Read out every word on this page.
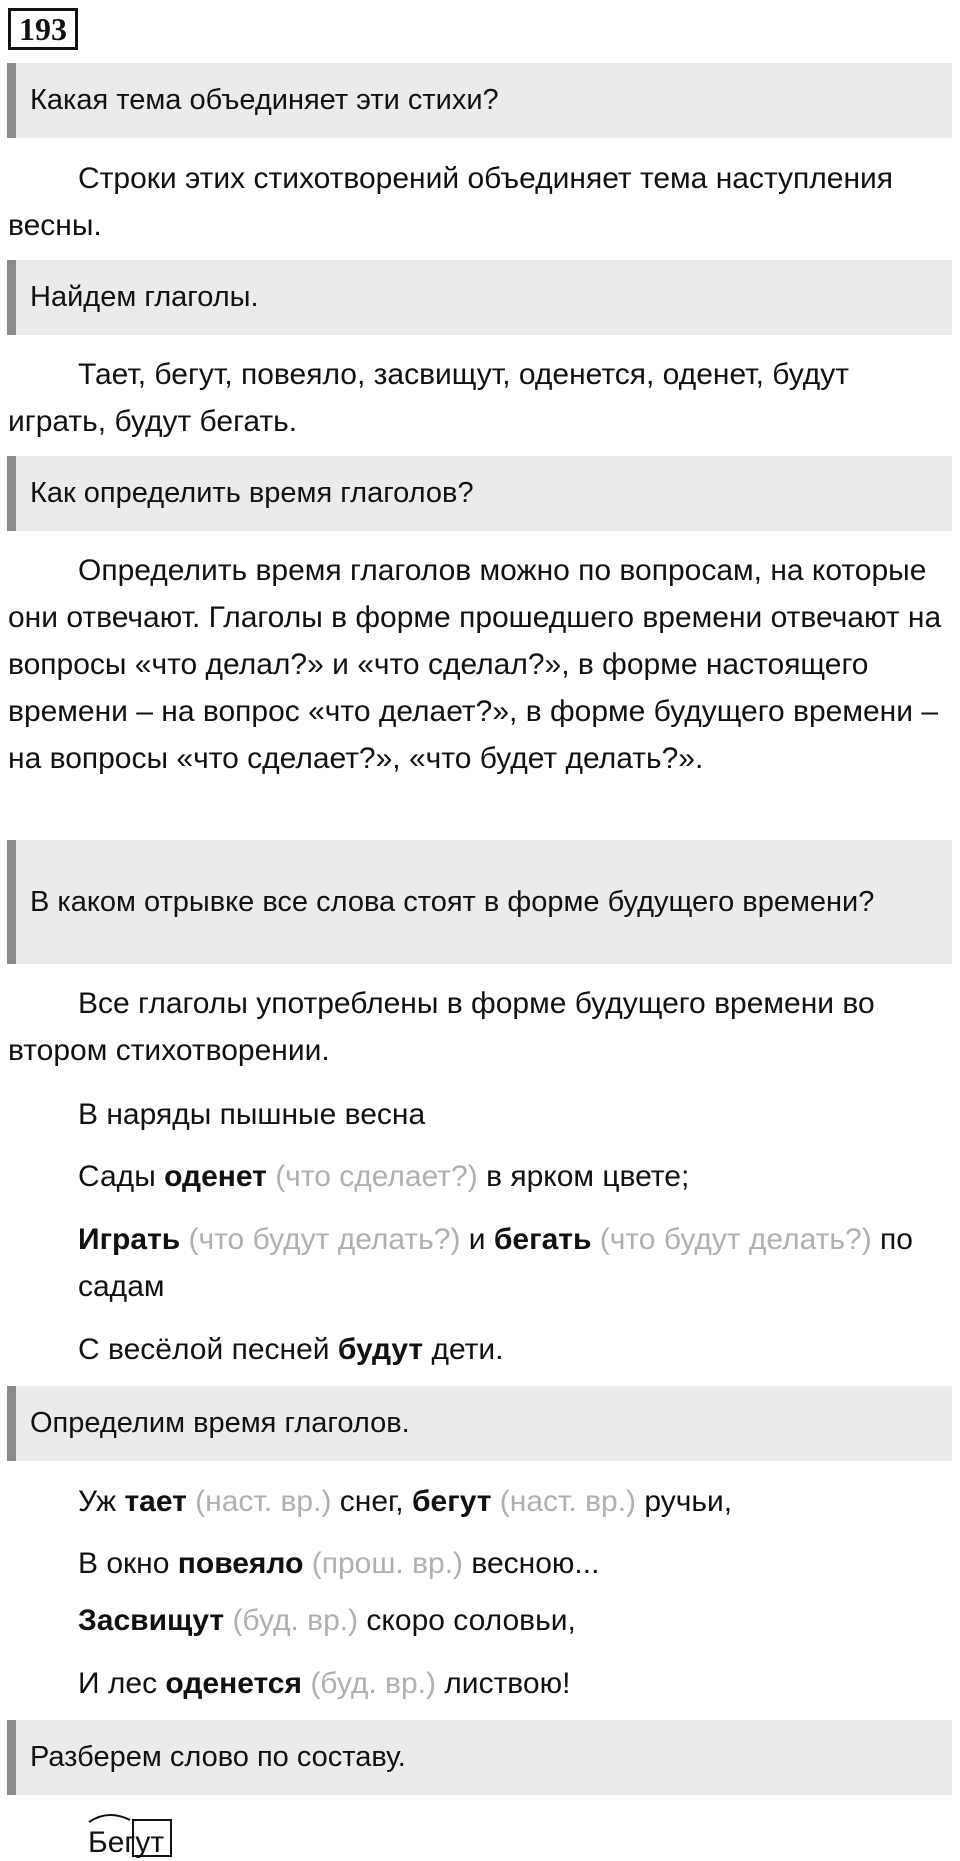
193
Какая тема объединяет эти стихи?
Строки этих стихотворений объединяет тема наступления весны.
Найдем глаголы.
Тает, бегут, повеяло, засвищут, оденется, оденет, будут играть, будут бегать.
Как определить время глаголов?
Определить время глаголов можно по вопросам, на которые они отвечают. Глаголы в форме прошедшего времени отвечают на вопросы «что делал?» и «что сделал?», в форме настоящего времени – на вопрос «что делает?», в форме будущего времени – на вопросы «что сделает?», «что будет делать?».
В каком отрывке все слова стоят в форме будущего времени?
Все глаголы употреблены в форме будущего времени во втором стихотворении.
В наряды пышные весна
Сады оденет (что сделает?) в ярком цвете;
Играть (что будут делать?) и бегать (что будут делать?) по садам
С весёлой песней будут дети.
Определим время глаголов.
Уж тает (наст. вр.) снег, бегут (наст. вр.) ручьи,
В окно повеяло (прош. вр.) весною...
Засвищут (буд. вр.) скоро соловьи,
И лес оденется (буд. вр.) листвою!
Разберем слово по составу.
Бегут
